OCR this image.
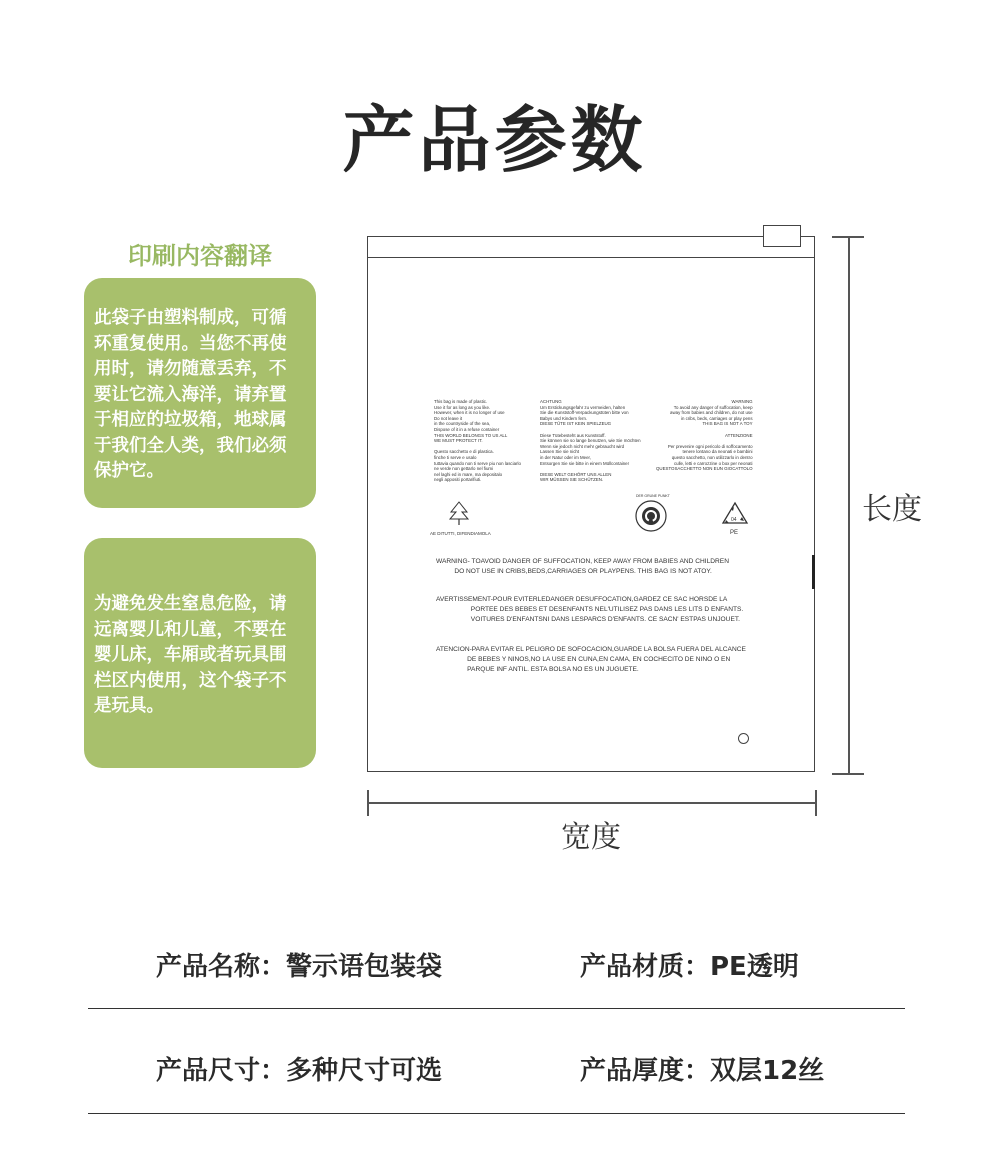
产品参数
印刷内容翻译
此袋子由塑料制成，可循
环重复使用。当您不再使
用时，请勿随意丢弃，不
要让它流入海洋，请弃置
于相应的垃圾箱，地球属
于我们全人类，我们必须
保护它。
为避免发生窒息危险，请
远离婴儿和儿童，不要在
婴儿床，车厢或者玩具围
栏区内使用，这个袋子不
是玩具。
This bag is made of plastic.
Use it for as long as you like.
However, when it is no longer of use
Do not leave it
in the countryside of the sea,
Dispose of it in a refuse container
THIS WORLD BELONGS TO US ALL
WE MUST PROTECT IT.

Questo sacchetto e di plastica.
finche ti serve e usalo
tuttavia quando non ti serve piu non lasciarlo
ne verde non gettarlo nel fiumi
nel laghi ed in mare, ma depositalo
negli appositi portarifiuti.
ACHTUNG
Um Erstickungsgefahr zu vermeiden, halten
Sie die Kunststoff-Verpackungstüten bitte von
Babys und Kindern fern.
DIESE TÜTE IST KEIN SPIELZEUG

Diese Tütebesteht aus Kunststoff.
Sie können sie so lange benutzen, wie Sie möchten
Wenn sie jedoch nicht mehr gebraucht wird
Lassen Sie sie nicht
in der Natur oder im Meer,
Entsorgen Sie sie bitte in einem Müllcontainer

DIESE WELT GEHÖRT UNS ALLEN
WIR MÜSSEN SIE SCHÜTZEN.
WARNING
To avoid any danger of suffocation, keep
away from babies and children, do not use
in cribs, beds, carriages or play pens
THIS BAG IS NOT A TOY

ATTENZIONE

Per prevenire ogni pericolo di soffocamento
tenere lontano da neonati e bambini
questo sacchetto, non utilizzarlo in dentro
culle, letti e carrozzine o box per neonati
QUESTOSACCHETTO NON EUN GIOCATTOLO
AE DITUTTI, DIFENDIAMOLA
DER GRUNE PUNKT
04
PE
WARNING- TOAVOID DANGER OF SUFFOCATION, KEEP AWAY FROM BABIES AND CHILDREN
DO NOT USE IN CRIBS,BEDS,CARRIAGES OR PLAYPENS. THIS BAG IS NOT ATOY.
AVERTISSEMENT-POUR EVITERLEDANGER DESUFFOCATION,GARDEZ CE SAC HORSDE LA
PORTEE DES BEBES ET DESENFANTS NEL'UTILISEZ PAS DANS LES LITS D ENFANTS.
VOITURES D'ENFANTSNI DANS LESPARCS D'ENFANTS. CE SACN' ESTPAS UNJOUET.
ATENCION-PARA EVITAR EL PELIGRO DE SOFOCACION,GUARDE LA BOLSA FUERA DEL ALCANCE
DE BEBES Y NINOS,NO LA USE EN CUNA,EN CAMA, EN COCHECITO DE NINO O EN
PARQUE INF ANTIL. ESTA BOLSA NO ES UN JUGUETE.
长度
宽度
产品名称：警示语包装袋	产品材质：PE透明
产品尺寸：多种尺寸可选	产品厚度：双层12丝
